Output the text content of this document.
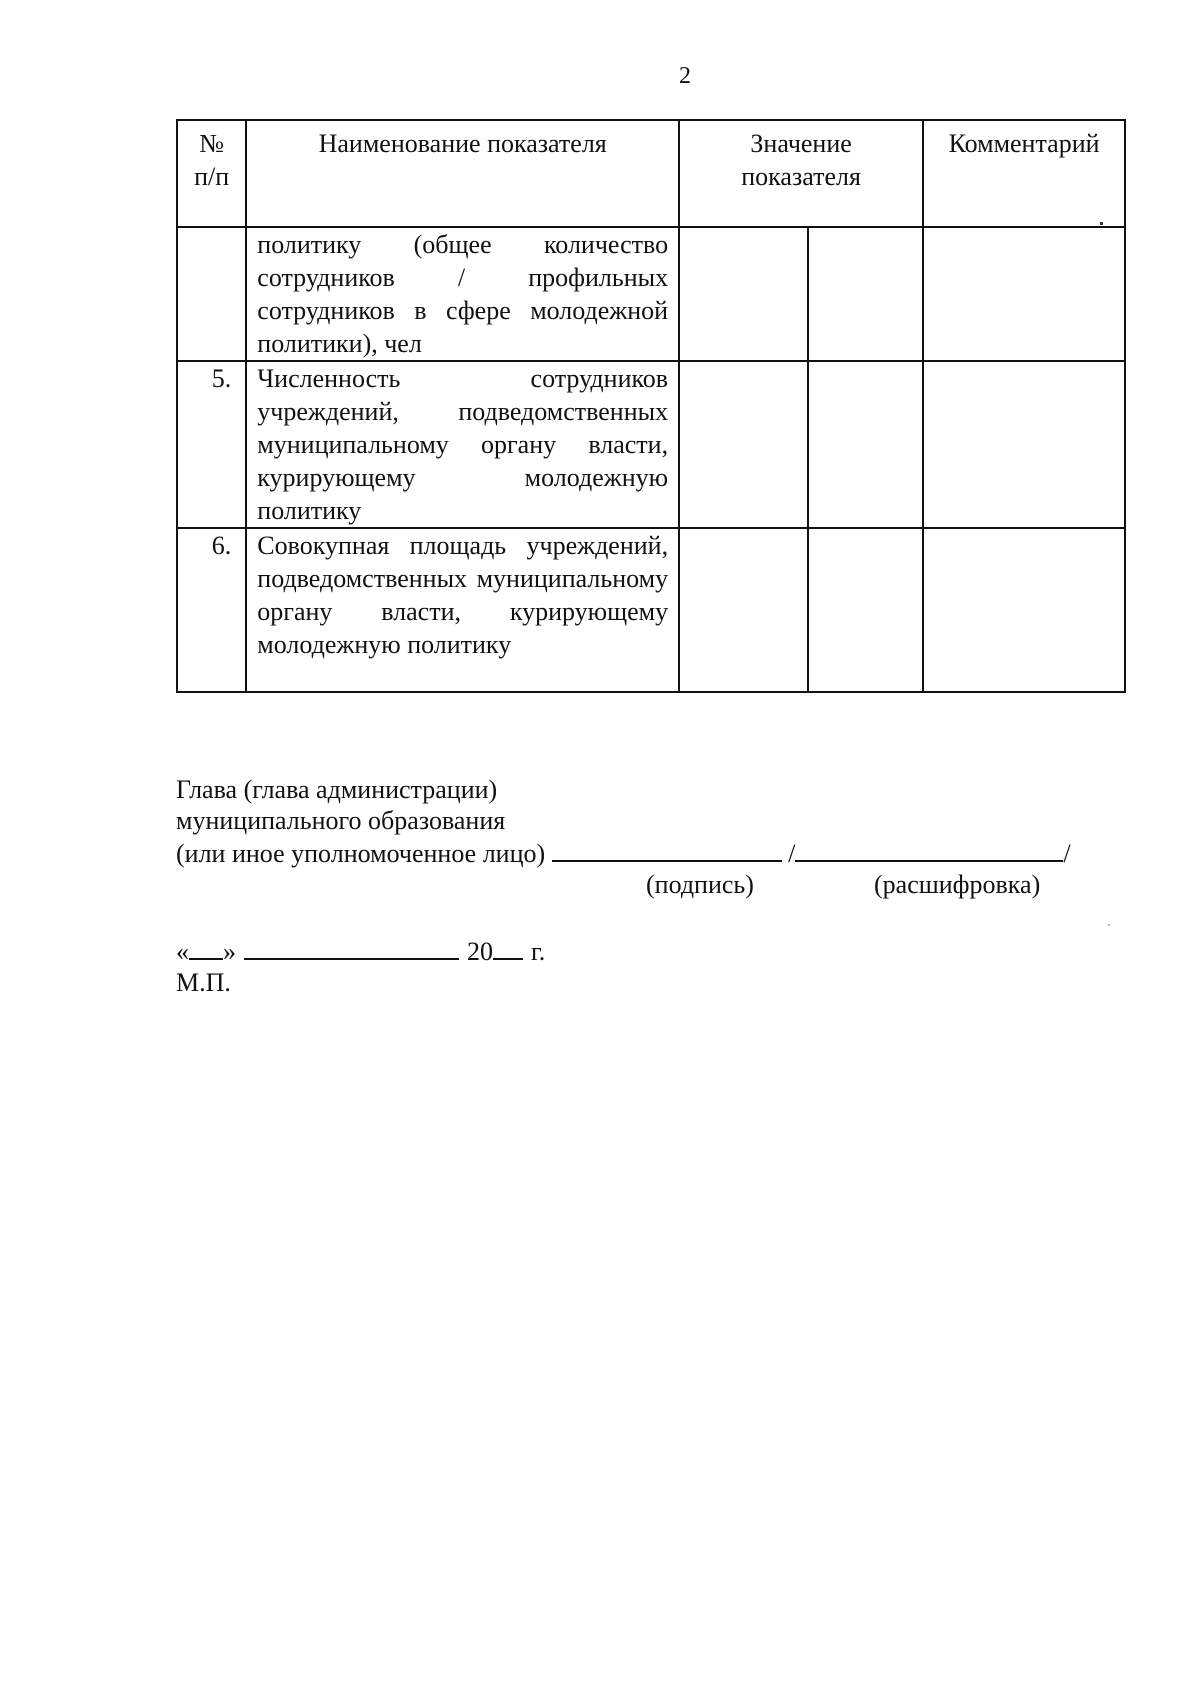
2
№ п/п	Наименование показателя	Значение показателя		Комментарий
	политику (общее количество сотрудников / профильных сотрудников в сфере молодежной политики), чел			
5.	Численность сотрудников учреждений, подведомственных муниципальному органу власти, курирующему молодежную политику			
6.	Совокупная площадь учреждений, подведомственных муниципальному органу власти, курирующему молодежную политику			
Глава (глава администрации)
муниципального образования
(или иное уполномоченное лицо)	/	/
(подпись)	(расшифровка)
« »	20 г.
М.П.
